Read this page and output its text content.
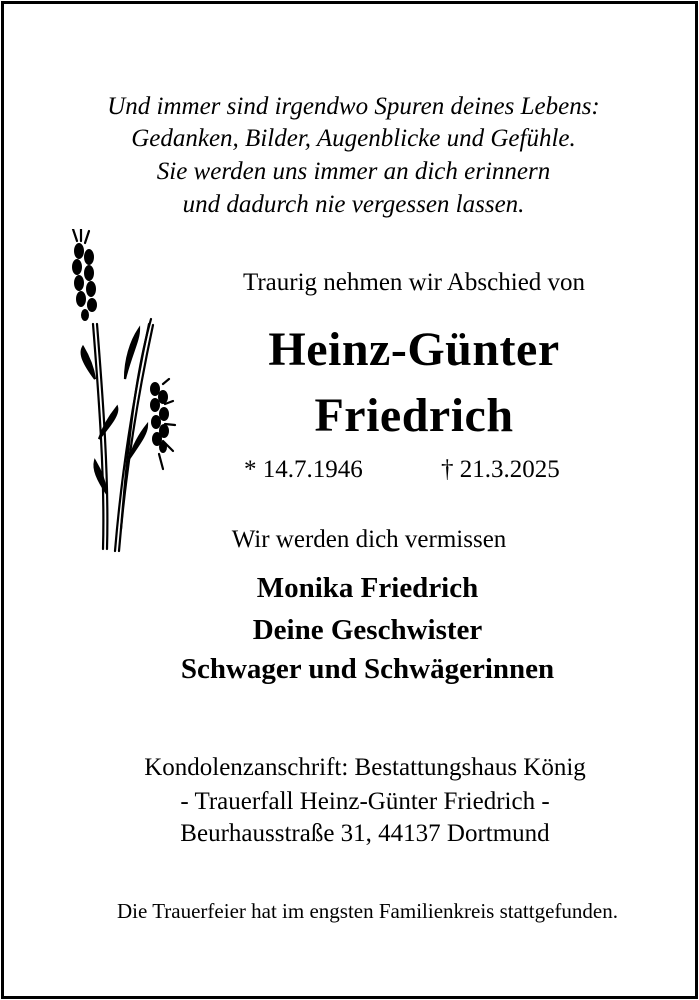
Und immer sind irgendwo Spuren deines Lebens:
Gedanken, Bilder, Augenblicke und Gefühle.
Sie werden uns immer an dich erinnern
und dadurch nie vergessen lassen.
Traurig nehmen wir Abschied von
Heinz-Günter
Friedrich
* 14.7.1946	† 21.3.2025
Wir werden dich vermissen
Monika Friedrich
Deine Geschwister
Schwager und Schwägerinnen
Kondolenzanschrift: Bestattungshaus König
- Trauerfall Heinz-Günter Friedrich -
Beurhausstraße 31, 44137 Dortmund
Die Trauerfeier hat im engsten Familienkreis stattgefunden.
